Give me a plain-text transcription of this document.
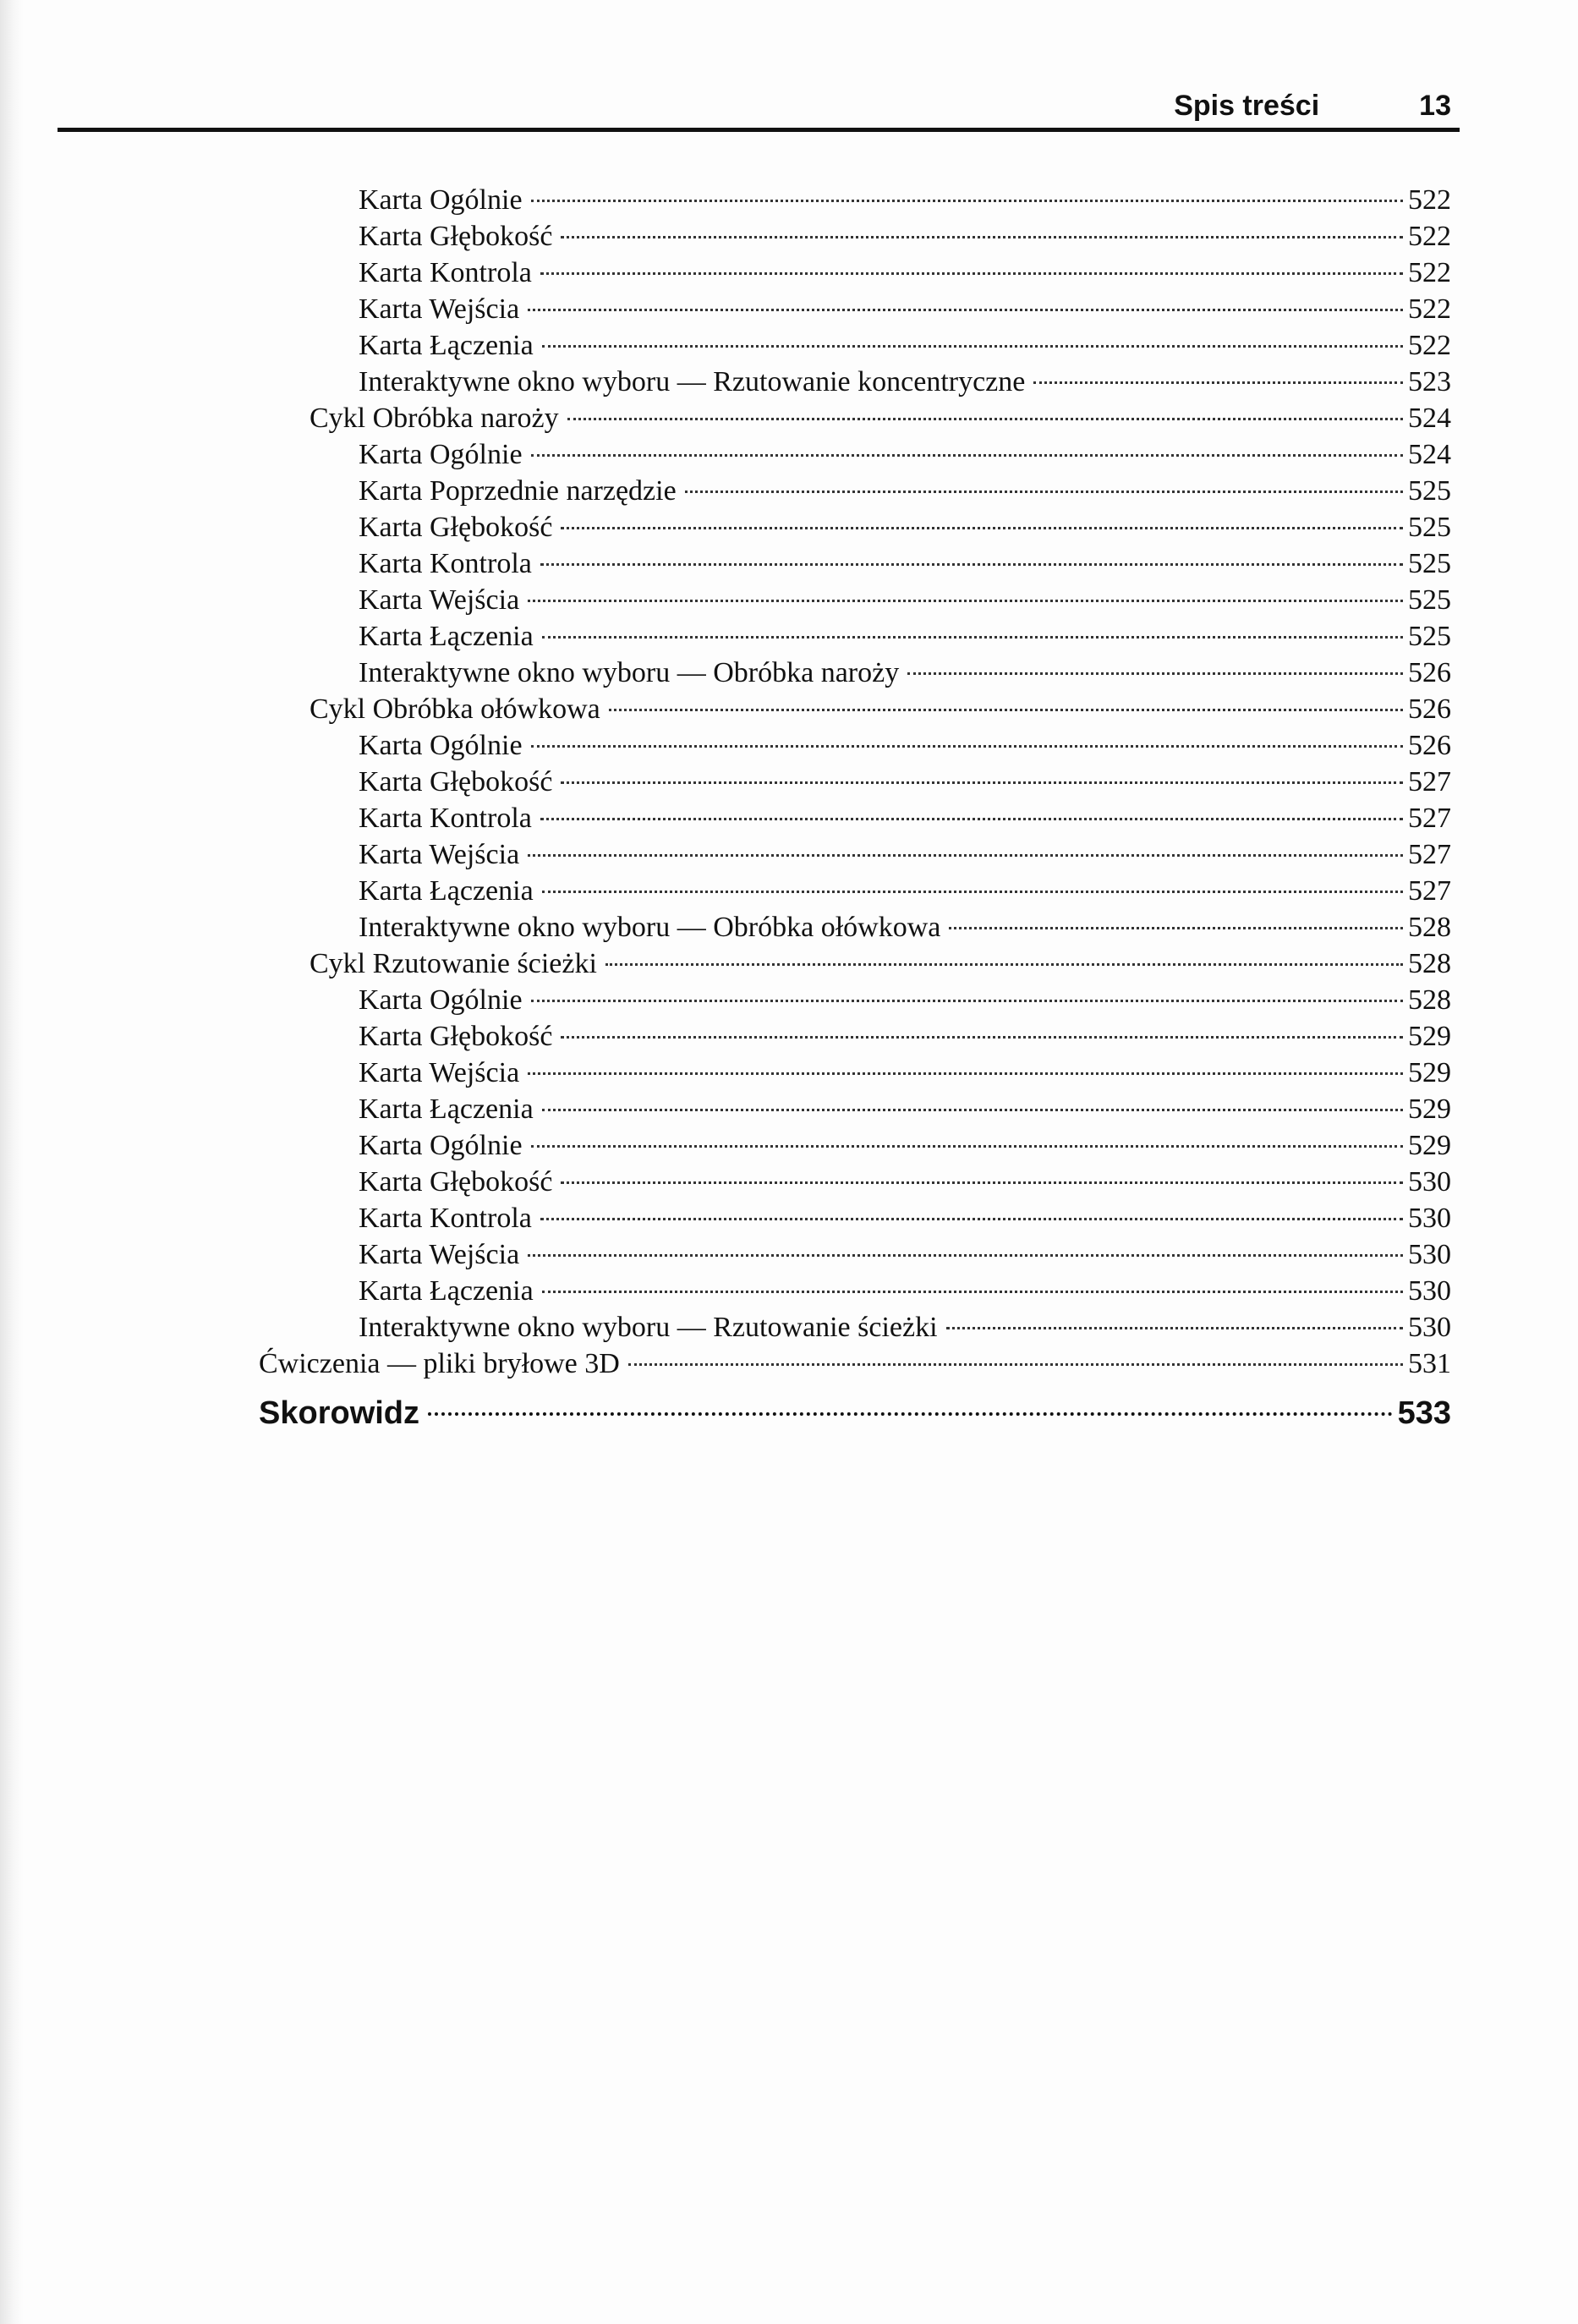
Spis treści	13
Karta Ogólnie	522
Karta Głębokość	522
Karta Kontrola	522
Karta Wejścia	522
Karta Łączenia	522
Interaktywne okno wyboru — Rzutowanie koncentryczne	523
Cykl Obróbka naroży	524
Karta Ogólnie	524
Karta Poprzednie narzędzie	525
Karta Głębokość	525
Karta Kontrola	525
Karta Wejścia	525
Karta Łączenia	525
Interaktywne okno wyboru — Obróbka naroży	526
Cykl Obróbka ołówkowa	526
Karta Ogólnie	526
Karta Głębokość	527
Karta Kontrola	527
Karta Wejścia	527
Karta Łączenia	527
Interaktywne okno wyboru — Obróbka ołówkowa	528
Cykl Rzutowanie ścieżki	528
Karta Ogólnie	528
Karta Głębokość	529
Karta Wejścia	529
Karta Łączenia	529
Karta Ogólnie	529
Karta Głębokość	530
Karta Kontrola	530
Karta Wejścia	530
Karta Łączenia	530
Interaktywne okno wyboru — Rzutowanie ścieżki	530
Ćwiczenia — pliki bryłowe 3D	531
Skorowidz	533
